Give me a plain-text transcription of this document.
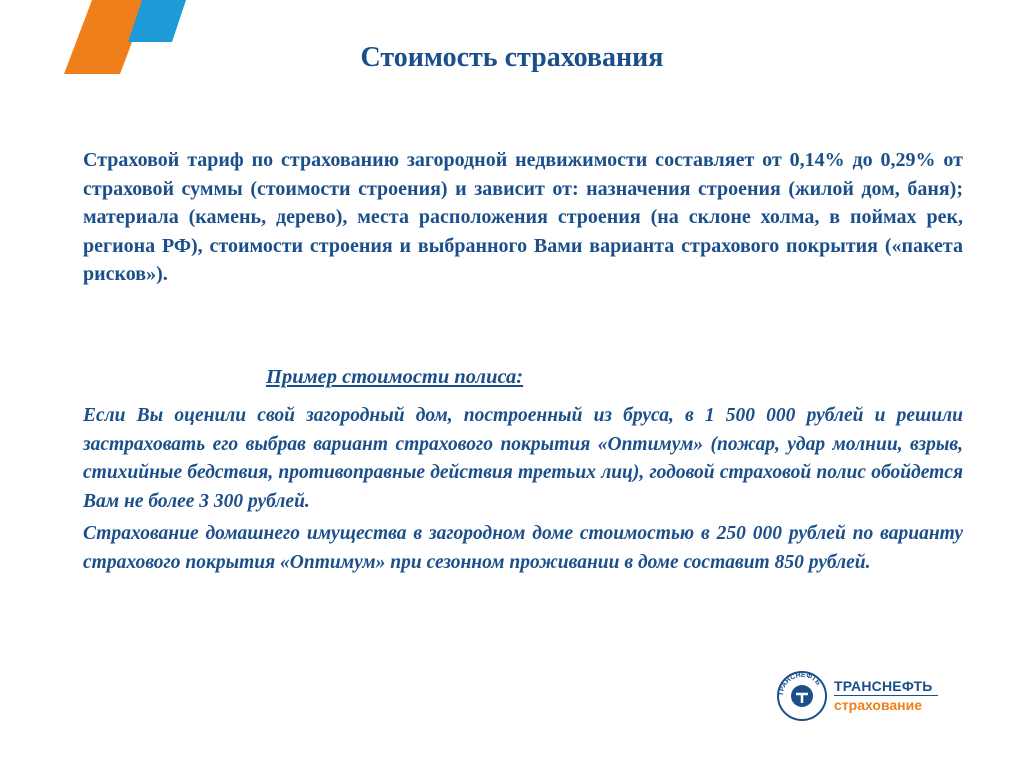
Стоимость страхования
Страховой тариф по страхованию загородной недвижимости составляет от 0,14% до 0,29% от страховой суммы (стоимости строения) и зависит от: назначения строения (жилой дом, баня); материала (камень, дерево), места расположения строения (на склоне холма, в поймах рек, региона РФ), стоимости строения и выбранного Вами варианта страхового покрытия («пакета рисков»).
Пример стоимости полиса:
Если Вы оценили свой загородный дом, построенный из бруса, в 1 500 000 рублей и решили застраховать его выбрав вариант страхового покрытия «Оптимум» (пожар, удар молнии, взрыв, стихийные бедствия, противоправные действия третьих лиц), годовой страховой полис обойдется Вам не более 3 300 рублей.
Страхование домашнего имущества в загородном доме стоимостью в 250 000 рублей по варианту страхового покрытия «Оптимум» при сезонном проживании в доме составит 850 рублей.
ТРАНСНЕФТЬ ТРАНСНЕФТЬ
страхование
